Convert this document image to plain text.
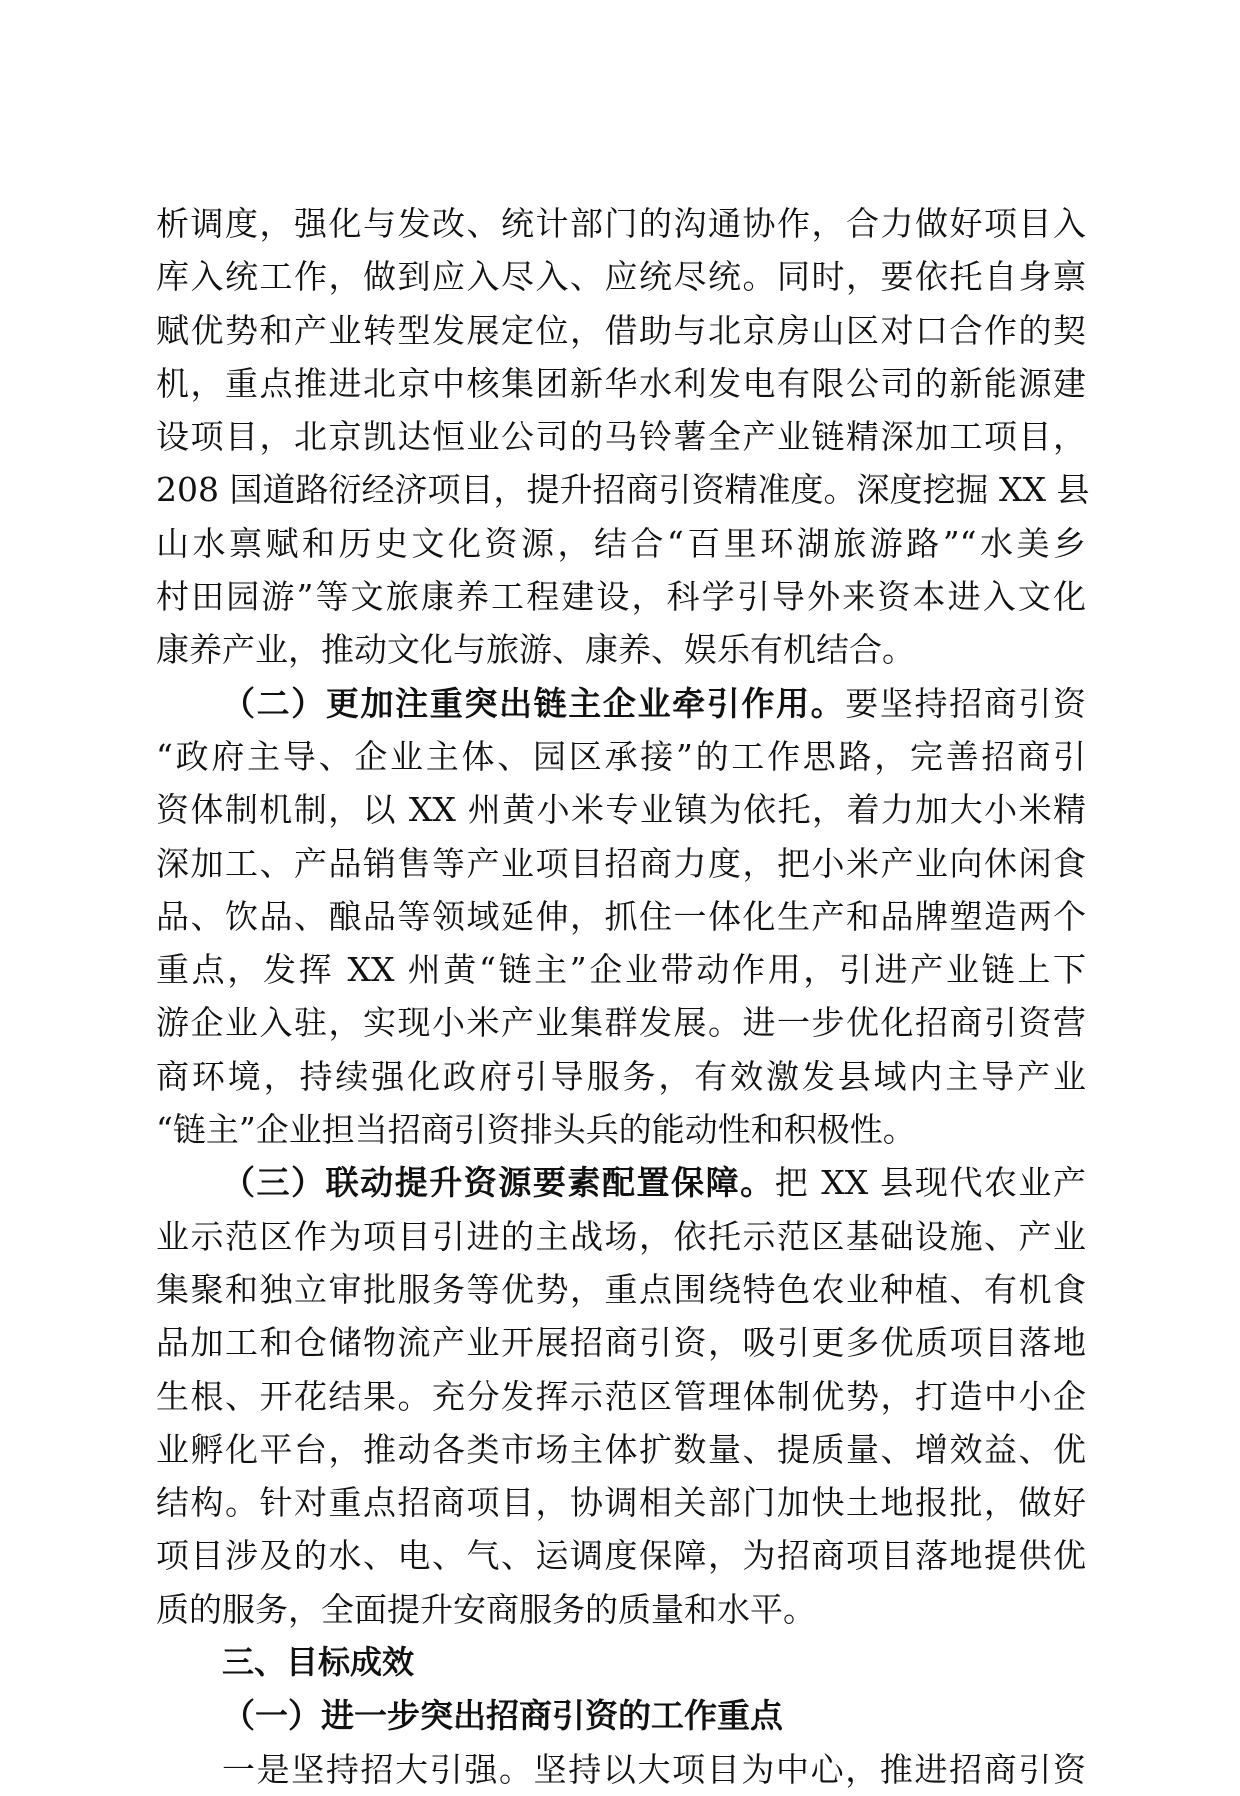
析调度，强化与发改、统计部门的沟通协作，合力做好项目入
库入统工作，做到应入尽入、应统尽统。同时，要依托自身禀
赋优势和产业转型发展定位，借助与北京房山区对口合作的契
机，重点推进北京中核集团新华水利发电有限公司的新能源建
设项目，北京凯达恒业公司的马铃薯全产业链精深加工项目，
208 国道路衍经济项目，提升招商引资精准度。深度挖掘 XX 县
山水禀赋和历史文化资源，结合“百里环湖旅游路”“水美乡
村田园游”等文旅康养工程建设，科学引导外来资本进入文化
康养产业，推动文化与旅游、康养、娱乐有机结合。
（二）更加注重突出链主企业牵引作用。要坚持招商引资
“政府主导、企业主体、园区承接”的工作思路，完善招商引
资体制机制，以 XX 州黄小米专业镇为依托，着力加大小米精
深加工、产品销售等产业项目招商力度，把小米产业向休闲食
品、饮品、酿品等领域延伸，抓住一体化生产和品牌塑造两个
重点，发挥 XX 州黄“链主”企业带动作用，引进产业链上下
游企业入驻，实现小米产业集群发展。进一步优化招商引资营
商环境，持续强化政府引导服务，有效激发县域内主导产业
“链主”企业担当招商引资排头兵的能动性和积极性。
（三）联动提升资源要素配置保障。把 XX 县现代农业产
业示范区作为项目引进的主战场，依托示范区基础设施、产业
集聚和独立审批服务等优势，重点围绕特色农业种植、有机食
品加工和仓储物流产业开展招商引资，吸引更多优质项目落地
生根、开花结果。充分发挥示范区管理体制优势，打造中小企
业孵化平台，推动各类市场主体扩数量、提质量、增效益、优
结构。针对重点招商项目，协调相关部门加快土地报批，做好
项目涉及的水、电、气、运调度保障，为招商项目落地提供优
质的服务，全面提升安商服务的质量和水平。
三、目标成效
（一）进一步突出招商引资的工作重点
一是坚持招大引强。坚持以大项目为中心，推进招商引资
